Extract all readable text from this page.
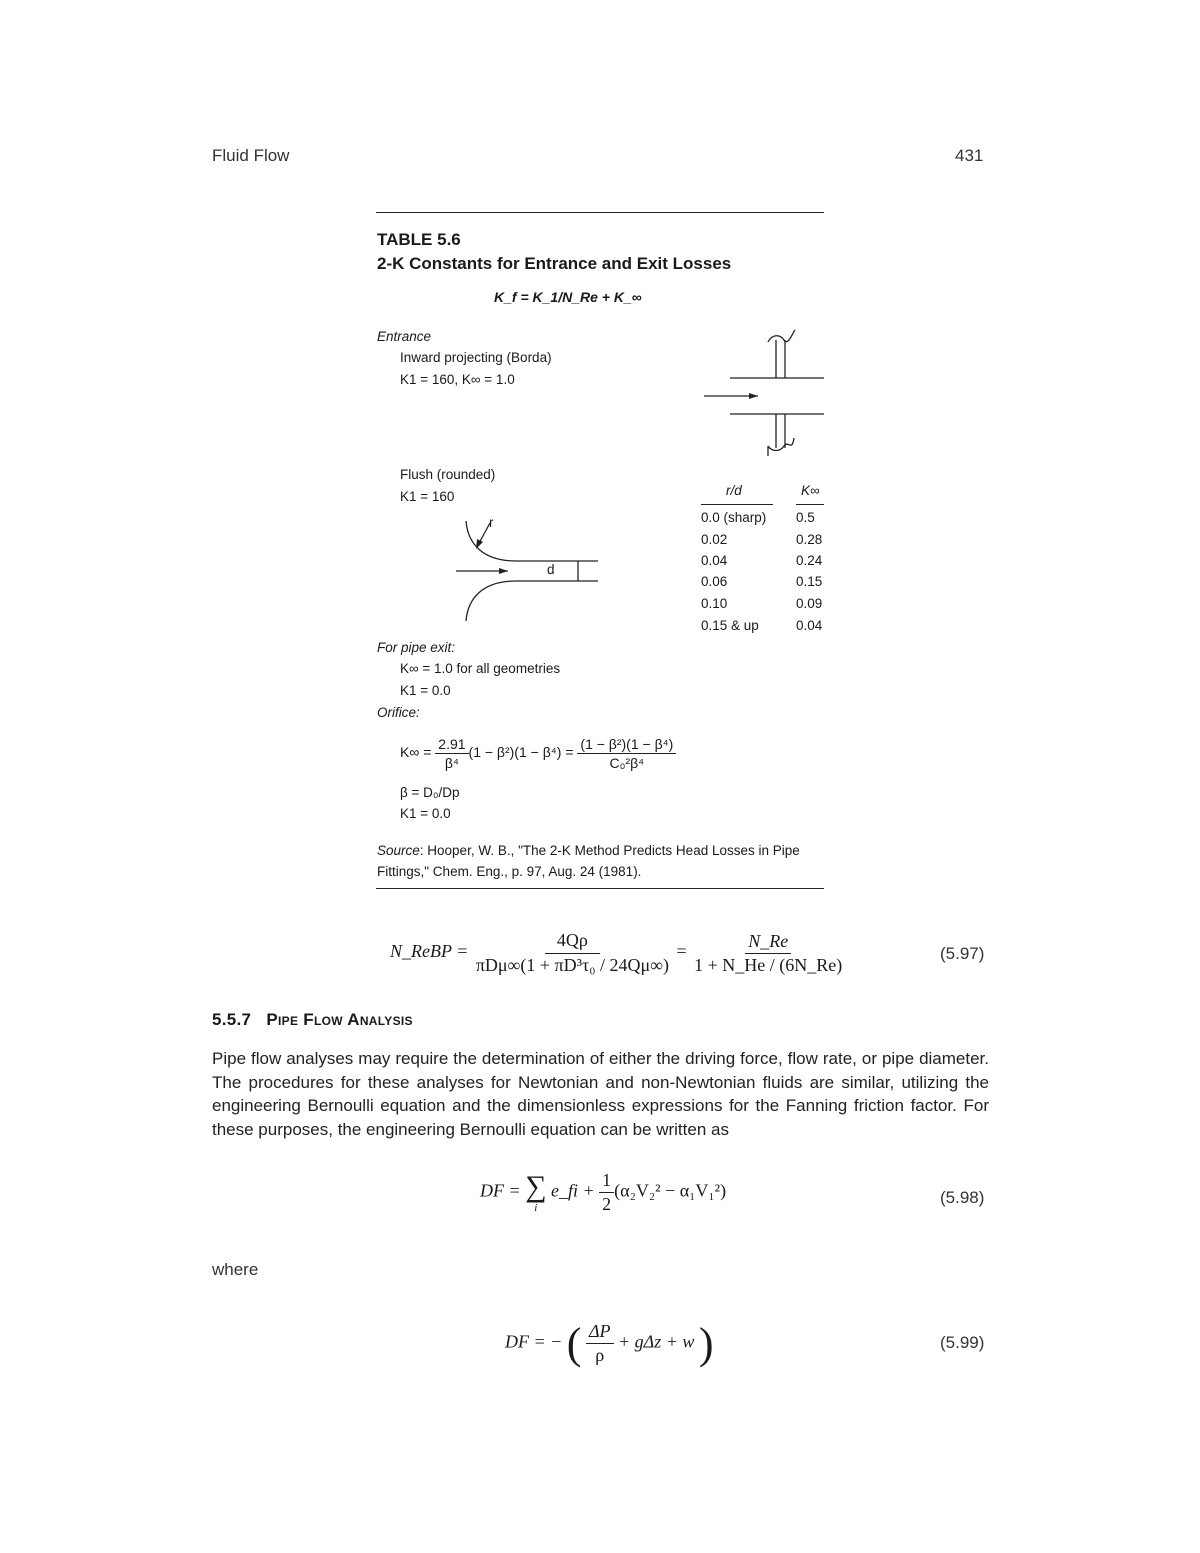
Fluid Flow	431
TABLE 5.6
2-K Constants for Entrance and Exit Losses
K_f = K_1/N_Re + K_∞
Entrance
Inward projecting (Borda)
K1 = 160, K∞ = 1.0
Flush (rounded)
K1 = 160
r
d
r/d	K∞
0.0 (sharp) 0.5
0.02	0.28
0.04	0.24
0.06	0.15
0.10	0.09
0.15 & up	0.04
For pipe exit:
K∞ = 1.0 for all geometries
K1 = 0.0
Orifice:
$K\infty = \frac{2.91}{\text{β⁴}} (1 - \beta^2)(1 - \beta^4) = \frac{\text{(1 − β²)(1 − β⁴)}}{\text{C₀²β⁴}}$
β = D₀/Dp
K1 = 0.0
Source: Hooper, W. B., "The 2-K Method Predicts Head Losses in Pipe Fittings," Chem. Eng., p. 97, Aug. 24 (1981).
N_ReBP = $\frac{4Q\rho}{\text{πDμ∞(1 + πD³τ₀ / 24Qμ∞)}} = \frac{N\_Re}{1 + N\_He / (6N\_Re)}$	(5.97)
5.5.7 Pipe Flow Analysis
Pipe flow analyses may require the determination of either the driving force, flow rate, or pipe diameter. The procedures for these analyses for Newtonian and non-Newtonian fluids are similar, utilizing the engineering Bernoulli equation and the dimensionless expressions for the Fanning friction factor. For these purposes, the engineering Bernoulli equation can be written as
DF = ∑
i
e_fi + $\frac{1}{2} (\alpha_2V_2^2 - \alpha_1V_1^2)$	(5.98)
where
DF = − ( $\frac{\Delta P}{\rho} + g\Delta z + w$ )	(5.99)
